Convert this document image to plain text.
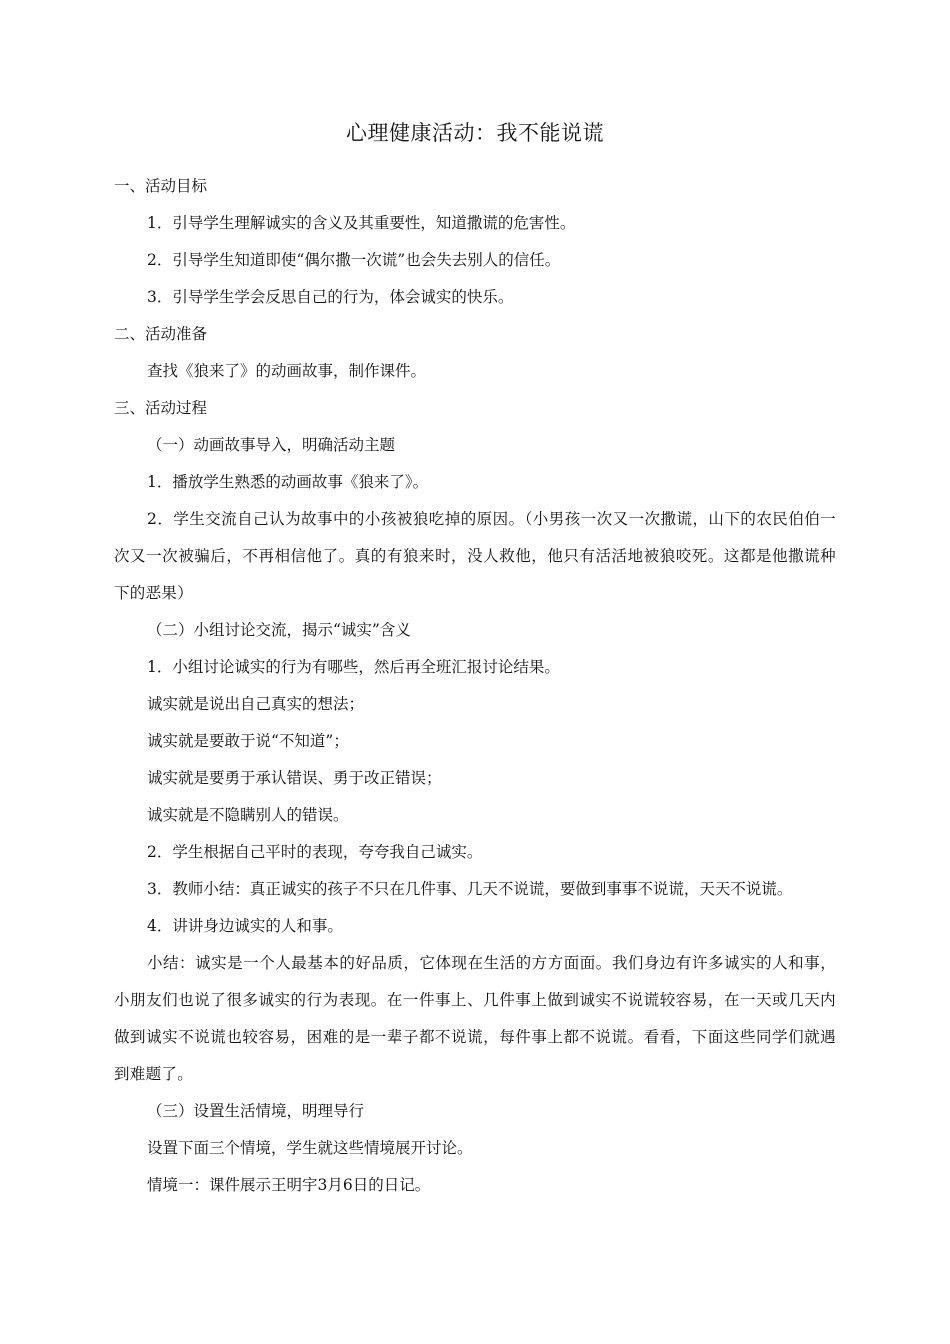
心理健康活动：我不能说谎

一、活动目标

1．引导学生理解诚实的含义及其重要性，知道撒谎的危害性。

2．引导学生知道即使“偶尔撒一次谎”也会失去别人的信任。

3．引导学生学会反思自己的行为，体会诚实的快乐。

二、活动准备

查找《狼来了》的动画故事，制作课件。

三、活动过程

（一）动画故事导入，明确活动主题

1．播放学生熟悉的动画故事《狼来了》。

2．学生交流自己认为故事中的小孩被狼吃掉的原因。（小男孩一次又一次撒谎，山下的农民伯伯一次又一次被骗后，不再相信他了。真的有狼来时，没人救他，他只有活活地被狼咬死。这都是他撒谎种下的恶果）

（二）小组讨论交流，揭示“诚实”含义

1．小组讨论诚实的行为有哪些，然后再全班汇报讨论结果。

诚实就是说出自己真实的想法；

诚实就是要敢于说“不知道”；

诚实就是要勇于承认错误、勇于改正错误；

诚实就是不隐瞒别人的错误。

2．学生根据自己平时的表现，夸夸我自己诚实。

3．教师小结：真正诚实的孩子不只在几件事、几天不说谎，要做到事事不说谎，天天不说谎。

4．讲讲身边诚实的人和事。

小结：诚实是一个人最基本的好品质，它体现在生活的方方面面。我们身边有许多诚实的人和事，小朋友们也说了很多诚实的行为表现。在一件事上、几件事上做到诚实不说谎较容易，在一天或几天内做到诚实不说谎也较容易，困难的是一辈子都不说谎，每件事上都不说谎。看看，下面这些同学们就遇到难题了。

（三）设置生活情境，明理导行

设置下面三个情境，学生就这些情境展开讨论。

情境一：课件展示王明宇3月6日的日记。
